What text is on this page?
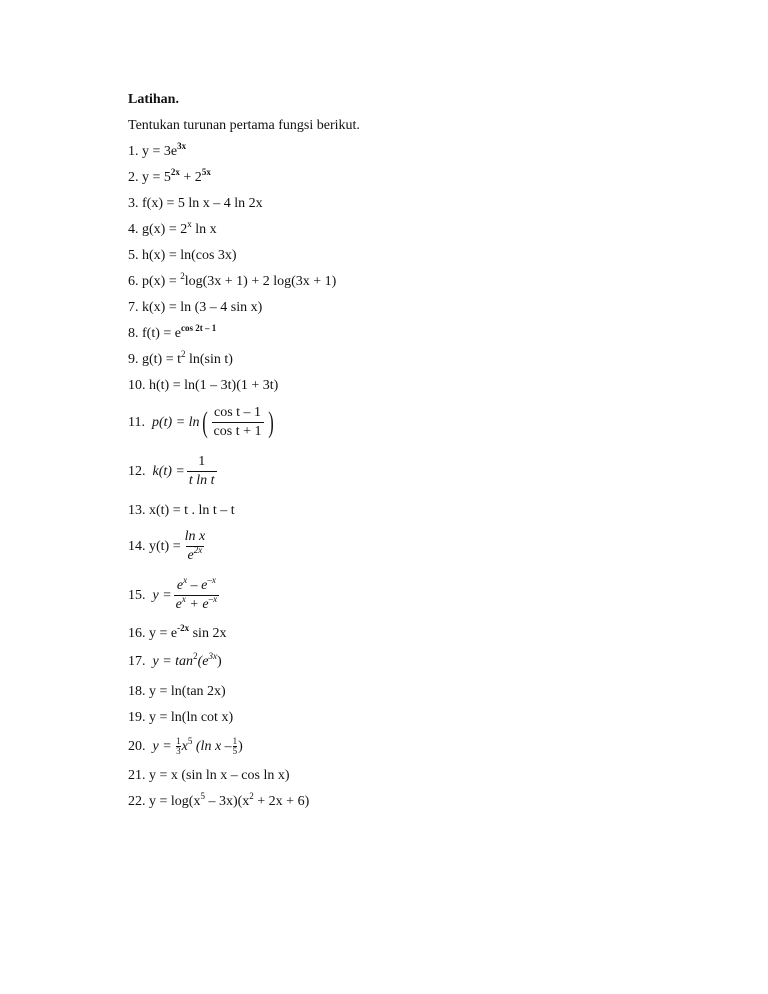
Latihan.
Tentukan turunan pertama fungsi berikut.
1. $y = 3e^{3x}$
2. $y = 5^{2x} + 2^{5x}$
3. f(x) = 5 ln x – 4 ln 2x
4. $g(x) = 2^x$ ln x
5. h(x) = ln(cos 3x)
6. p(x) = $^2$log(3x + 1) + 2 log(3x + 1)
7. k(x) = ln (3 – 4 sin x)
8. $f(t) = e^{cos 2t - 1}$
9. $g(t) = t^2$ ln(sin t)
10. h(t) = ln(1 – 3t)(1 + 3t)
11. $p(t) = \ln( \frac{\text{cos t – 1}}{\text{cos t + 1}}$ )
12. $k(t) = \frac{1}{\text{t ln t}}$
13. x(t) = t . ln t – t
14. $y(t) = \frac{\text{ln x}}{e^{2x}}$
15. $y = \frac{e^x - e^{-x}}{e^x + e^{-x}}$
16. $y = e^{-2x}$ sin 2x
17. $y = \tan^2(e^{3x})$
18. y = ln(tan 2x)
19. y = ln(ln cot x)
20. $y = \frac{1}{3} x^5$ (ln x – $\frac{1}{5}$ )
21. y = x (sin ln x – cos ln x)
22. $y = \log(x^5 - 3x)(x^2 + 2x + 6)$
